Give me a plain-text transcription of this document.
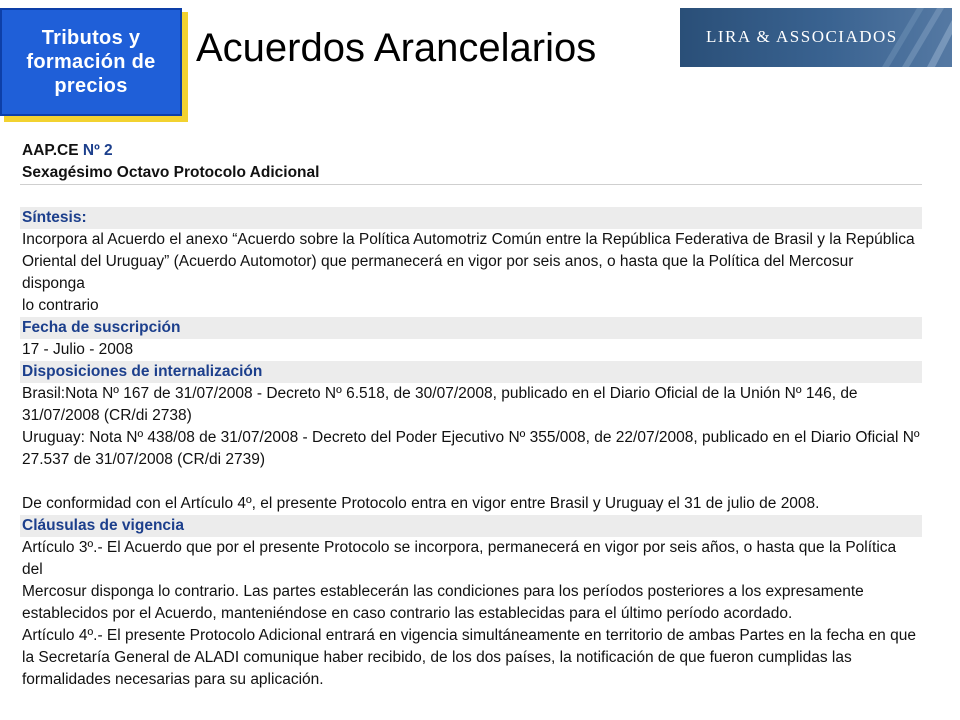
Tributos y
formación de
precios
Acuerdos Arancelarios	LIRA & ASSOCIADOS
AAP.CE Nº 2
Sexagésimo Octavo Protocolo Adicional
Síntesis:
Incorpora al Acuerdo el anexo “Acuerdo sobre la Política Automotriz Común entre la República Federativa de Brasil y la República
Oriental del Uruguay” (Acuerdo Automotor) que permanecerá en vigor por seis anos, o hasta que la Política del Mercosur disponga
lo contrario
Fecha de suscripción
17 - Julio - 2008
Disposiciones de internalización
Brasil:Nota Nº 167 de 31/07/2008 - Decreto Nº 6.518, de 30/07/2008, publicado en el Diario Oficial de la Unión Nº 146, de
31/07/2008 (CR/di 2738)
Uruguay: Nota Nº 438/08 de 31/07/2008 - Decreto del Poder Ejecutivo Nº 355/008, de 22/07/2008, publicado en el Diario Oficial Nº
27.537 de 31/07/2008 (CR/di 2739)
De conformidad con el Artículo 4º, el presente Protocolo entra en vigor entre Brasil y Uruguay el 31 de julio de 2008.
Cláusulas de vigencia
Artículo 3º.- El Acuerdo que por el presente Protocolo se incorpora, permanecerá en vigor por seis años, o hasta que la Política del
Mercosur disponga lo contrario. Las partes establecerán las condiciones para los períodos posteriores a los expresamente
establecidos por el Acuerdo, manteniéndose en caso contrario las establecidas para el último período acordado.
Artículo 4º.- El presente Protocolo Adicional entrará en vigencia simultáneamente en territorio de ambas Partes en la fecha en que
la Secretaría General de ALADI comunique haber recibido, de los dos países, la notificación de que fueron cumplidas las
formalidades necesarias para su aplicación.
